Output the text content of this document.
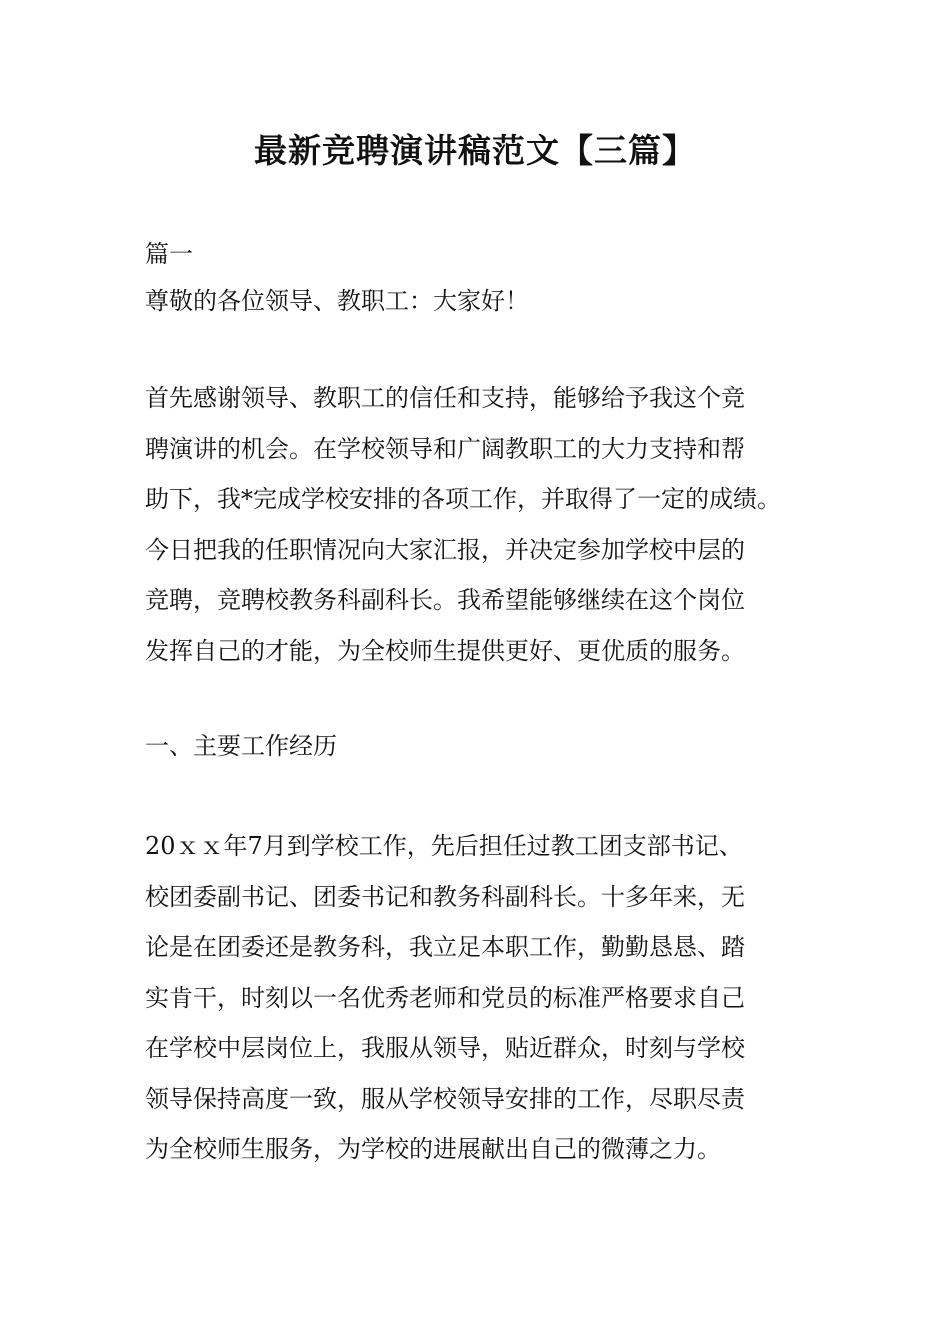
最新竞聘演讲稿范文【三篇】
篇一
尊敬的各位领导、教职工：大家好！
首先感谢领导、教职工的信任和支持，能够给予我这个竞
聘演讲的机会。在学校领导和广阔教职工的大力支持和帮
助下，我*完成学校安排的各项工作，并取得了一定的成绩。
今日把我的任职情况向大家汇报，并决定参加学校中层的
竞聘，竞聘校教务科副科长。我希望能够继续在这个岗位
发挥自己的才能，为全校师生提供更好、更优质的服务。
一、主要工作经历
20ｘｘ年7月到学校工作，先后担任过教工团支部书记、
校团委副书记、团委书记和教务科副科长。十多年来，无
论是在团委还是教务科，我立足本职工作，勤勤恳恳、踏
实肯干，时刻以一名优秀老师和党员的标准严格要求自己
在学校中层岗位上，我服从领导，贴近群众，时刻与学校
领导保持高度一致，服从学校领导安排的工作，尽职尽责
为全校师生服务，为学校的进展献出自己的微薄之力。
